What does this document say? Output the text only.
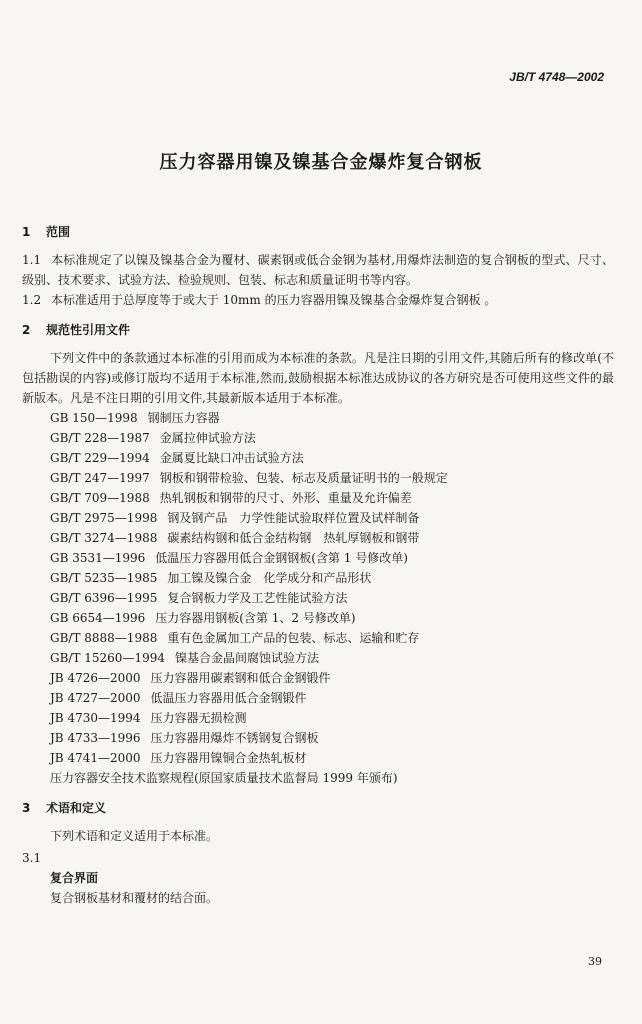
JB/T 4748—2002
压力容器用镍及镍基合金爆炸复合钢板
1 范围
1.1 本标准规定了以镍及镍基合金为覆材、碳素钢或低合金钢为基材,用爆炸法制造的复合钢板的型式、尺寸、级别、技术要求、试验方法、检验规则、包装、标志和质量证明书等内容。
1.2 本标准适用于总厚度等于或大于 10mm 的压力容器用镍及镍基合金爆炸复合钢板 。
2 规范性引用文件
下列文件中的条款通过本标准的引用而成为本标准的条款。凡是注日期的引用文件,其随后所有的修改单(不包括勘误的内容)或修订版均不适用于本标准,然而,鼓励根据本标准达成协议的各方研究是否可使用这些文件的最新版本。凡是不注日期的引用文件,其最新版本适用于本标准。
GB 150—1998 钢制压力容器
GB/T 228—1987 金属拉伸试验方法
GB/T 229—1994 金属夏比缺口冲击试验方法
GB/T 247—1997 钢板和钢带检验、包装、标志及质量证明书的一般规定
GB/T 709—1988 热轧钢板和钢带的尺寸、外形、重量及允许偏差
GB/T 2975—1998 钢及钢产品　力学性能试验取样位置及试样制备
GB/T 3274—1988 碳素结构钢和低合金结构钢　热轧厚钢板和钢带
GB 3531—1996 低温压力容器用低合金钢钢板(含第 1 号修改单)
GB/T 5235—1985 加工镍及镍合金　化学成分和产品形状
GB/T 6396—1995 复合钢板力学及工艺性能试验方法
GB 6654—1996 压力容器用钢板(含第 1、2 号修改单)
GB/T 8888—1988 重有色金属加工产品的包装、标志、运输和贮存
GB/T 15260—1994 镍基合金晶间腐蚀试验方法
JB 4726—2000 压力容器用碳素钢和低合金钢锻件
JB 4727—2000 低温压力容器用低合金钢锻件
JB 4730—1994 压力容器无损检测
JB 4733—1996 压力容器用爆炸不锈钢复合钢板
JB 4741—2000 压力容器用镍铜合金热轧板材
压力容器安全技术监察规程(原国家质量技术监督局 1999 年颁布)
3 术语和定义
下列术语和定义适用于本标准。
3.1
复合界面
复合钢板基材和覆材的结合面。
39
